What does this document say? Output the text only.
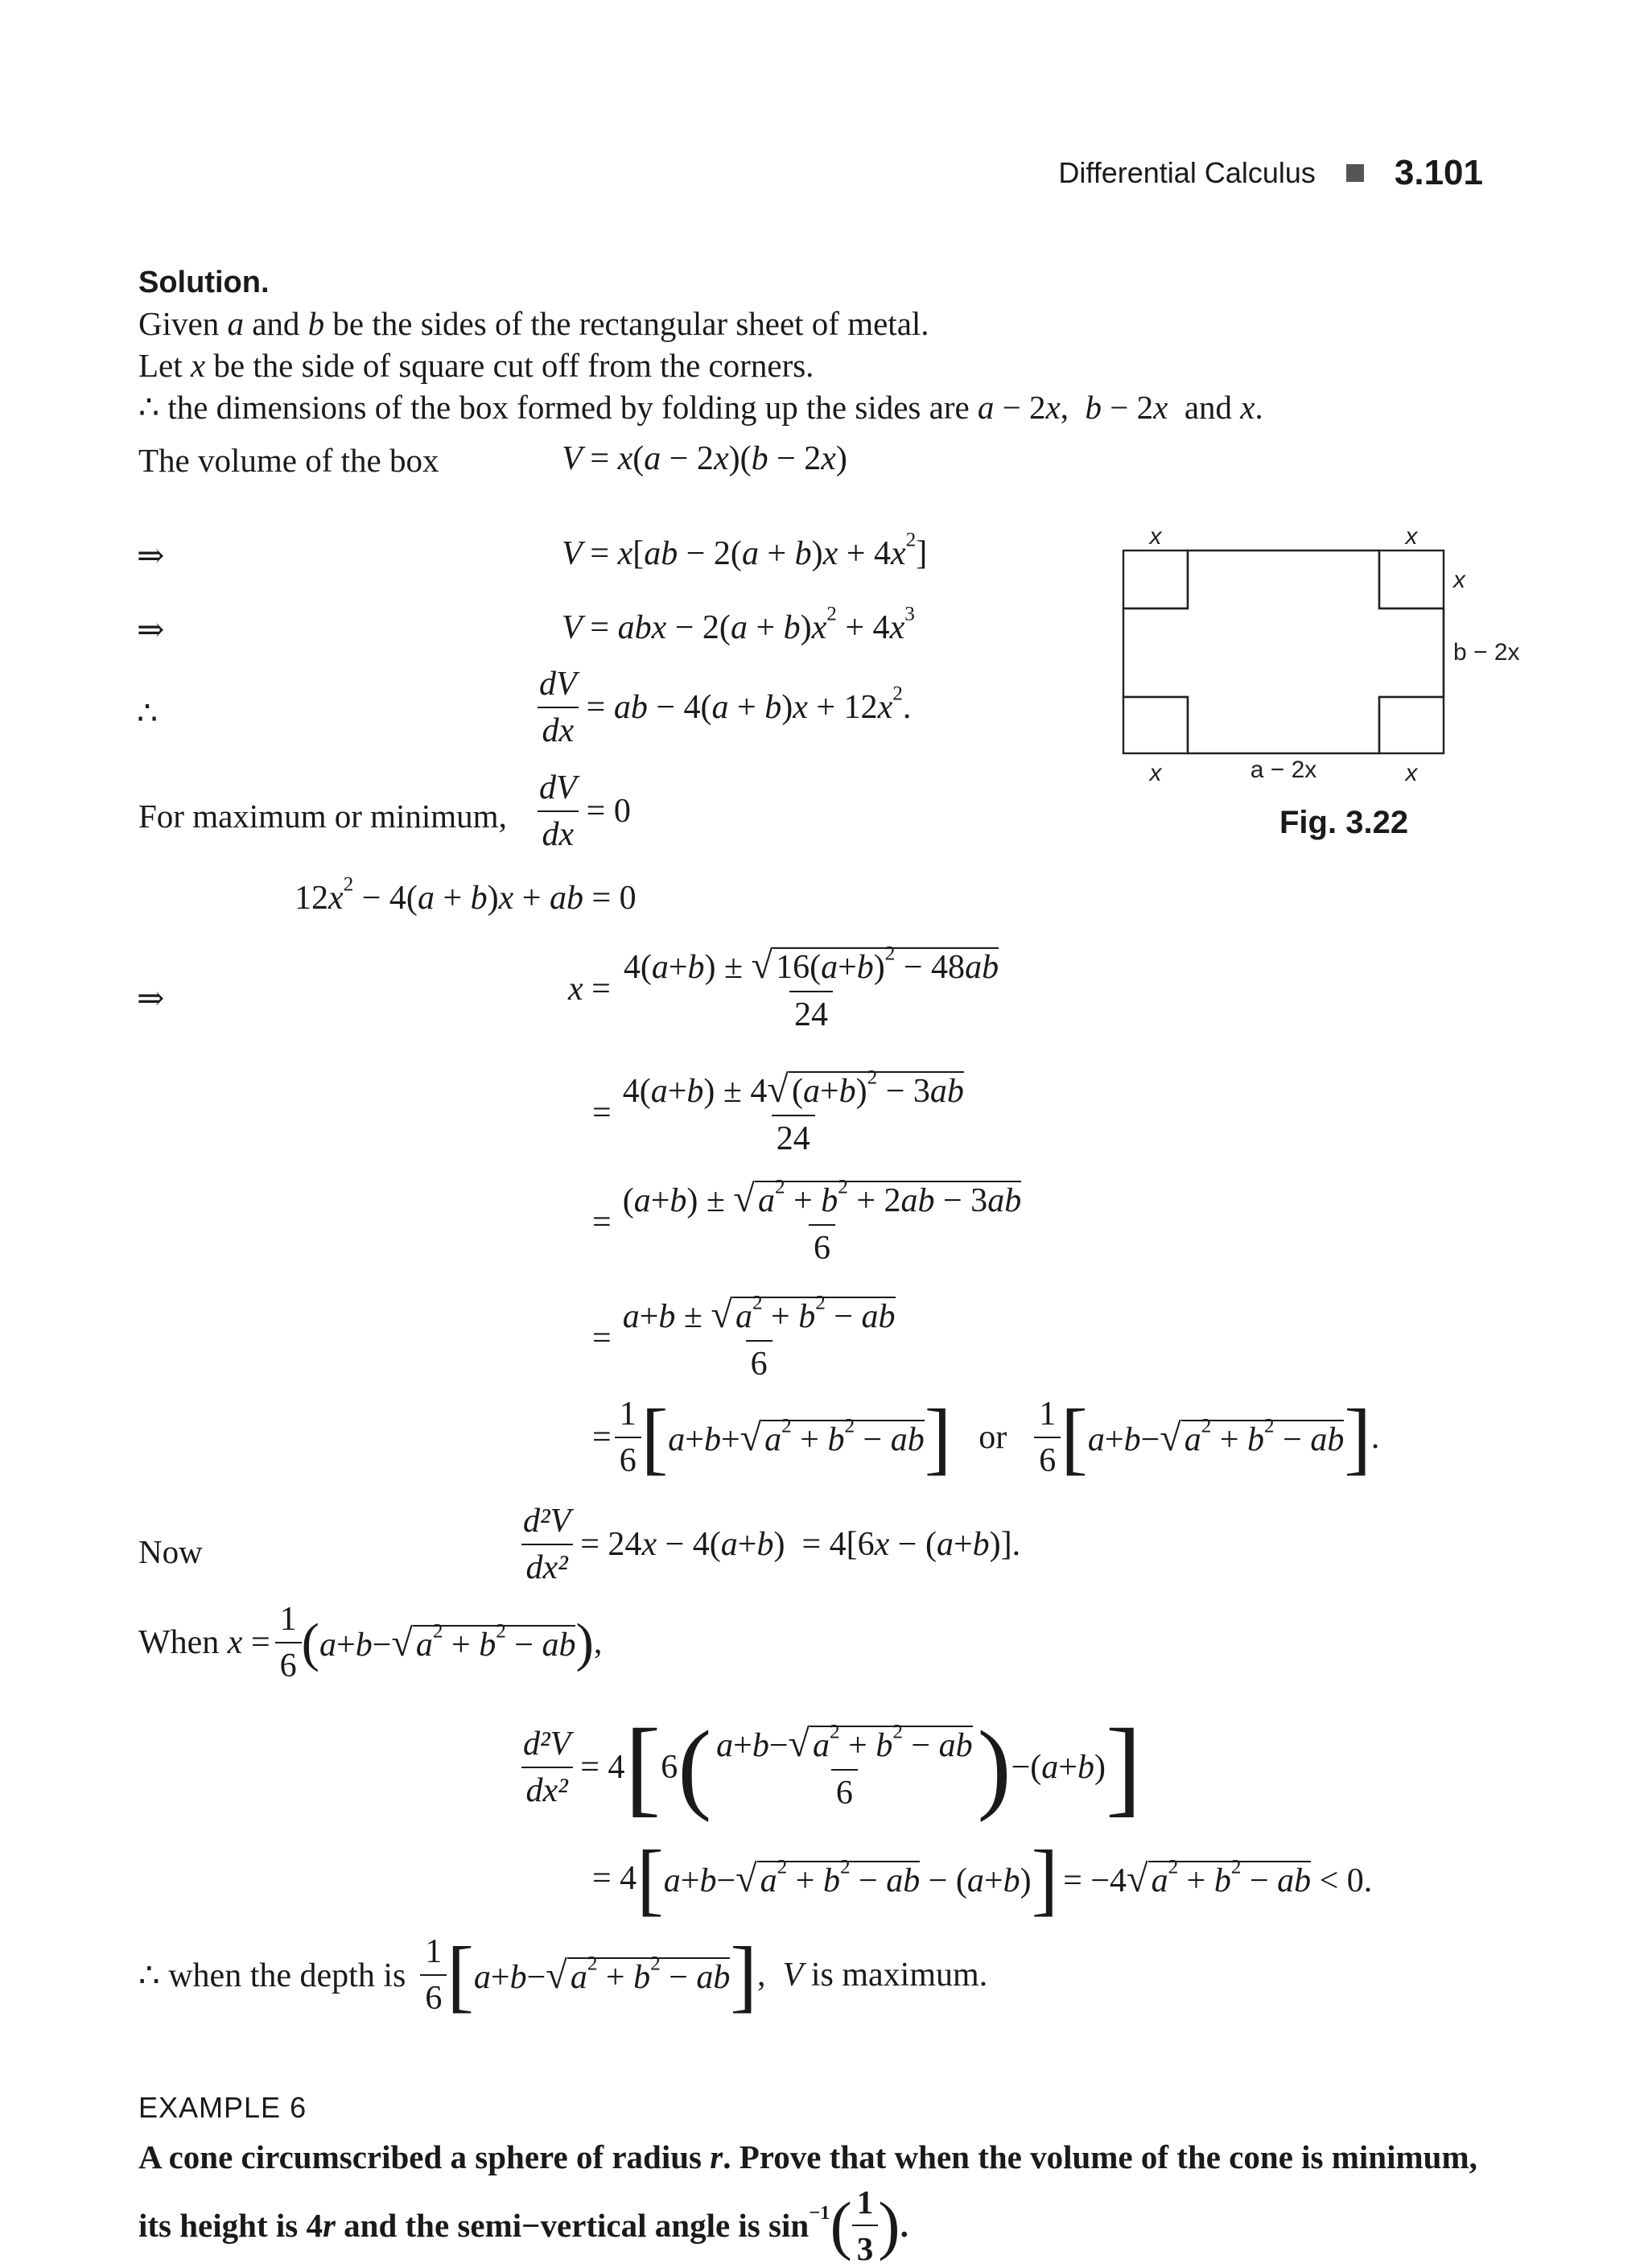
Differential Calculus 3.101
Solution.
Given a and b be the sides of the rectangular sheet of metal.
Let x be the side of square cut off from the corners.
∴ the dimensions of the box formed by folding up the sides are a − 2x,  b − 2x  and x.
The volume of the box	V = x(a − 2x)(b − 2x)
⇒	$V = x[ab - 2(a + b)x + 4x^2]$
⇒	V = abx − $2(a + b)x^2 + 4x^3$
∴	$\frac{dV}{dx}$ = ab − $4(a + b)x + 12x^2$.
For maximum or minimum, $\frac{dV}{dx} = 0$
$12x^2 - 4(a + b)x$ + ab = 0
⇒	$x = \frac{4(a+b) \pm √16(a+b)^2 - 48ab}{24}$
= $\frac{4(a+b) \pm 4√(a+b)^2 - 3ab}{24}$
= $\frac{(a+b) \pm √a^2 + b^2 + 2ab - 3ab}{6}$
= $\frac{a+b \pm √a^2 + b^2 - ab}{6}$
= $\frac{1}{6}$ [ $a+b+√a^2 + b^2$ − ab ] or $\frac{1}{6}$ [ $a+b-√a^2 + b^2$ − ab ] .
Now	$\frac{\text{d²V}}{\text{dx²}} = 24x - 4(a+b) = 4[6x - (a+b)]$.
When $x = \frac{1}{6}$ ( $a+b-√a^2 + b^2$ − ab ) ,
$\frac{\text{d²V}}{\text{dx²}} = 4$ [ 6 ( $\frac{a+b-√a^2 + b^2 - ab}{6}$ ) −(a+b) ]
= 4 [ $a+b-√a^2 + b^2$ − ab − (a+b) ] = $-4√a^2 + b^2$ − ab < 0.
∴ when the depth is $\frac{1}{6}$ [ $a+b-√a^2 + b^2$ − ab ] , V is maximum.
x	x
x
b − 2x
x	a − 2x	x
Fig. 3.22
EXAMPLE 6
A cone circumscribed a sphere of radius r. Prove that when the volume of the cone is minimum,
its height is 4r and the semi−vertical angle is $\sin^{-1}$ ( $\frac{1}{3}$ ) .
